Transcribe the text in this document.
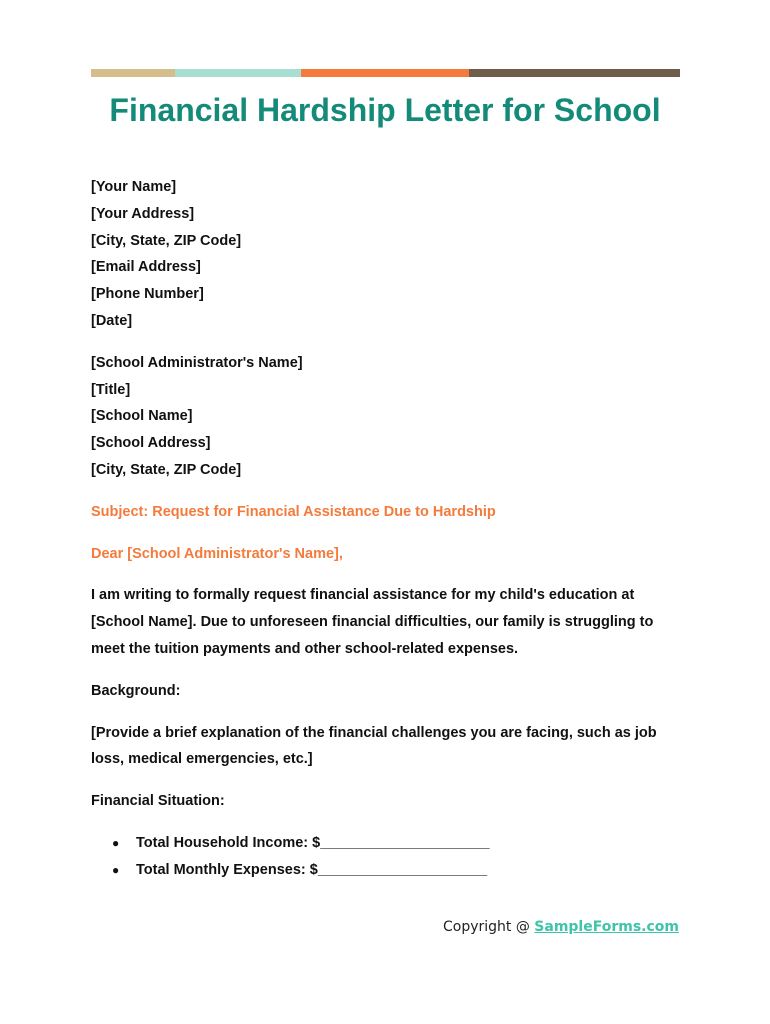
Financial Hardship Letter for School
[Your Name]
[Your Address]
[City, State, ZIP Code]
[Email Address]
[Phone Number]
[Date]
[School Administrator's Name]
[Title]
[School Name]
[School Address]
[City, State, ZIP Code]

Subject: Request for Financial Assistance Due to Hardship

Dear [School Administrator's Name],

I am writing to formally request financial assistance for my child's education at [School Name]. Due to unforeseen financial difficulties, our family is struggling to meet the tuition payments and other school-related expenses.

Background:

[Provide a brief explanation of the financial challenges you are facing, such as job loss, medical emergencies, etc.]

Financial Situation:

● Total Household Income: $_____________________
● Total Monthly Expenses: $_____________________
Copyright @ SampleForms.com
